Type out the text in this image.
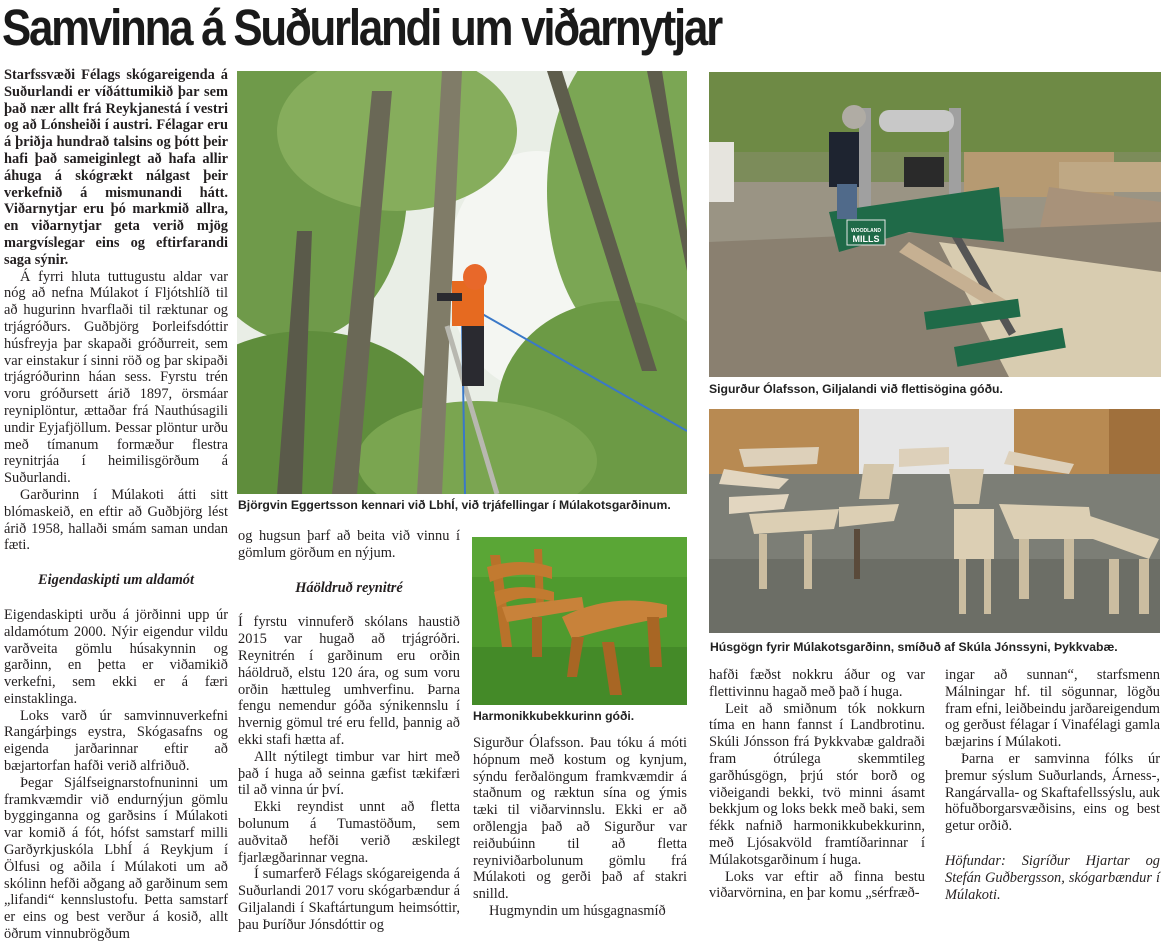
Samvinna á Suðurlandi um viðarnytjar

Starfssvæði Félags skógareigenda á Suðurlandi er víðáttumikið þar sem það nær allt frá Reykjanestá í vestri og að Lónsheiði í austri. Félagar eru á þriðja hundrað talsins og þótt þeir hafi það sameiginlegt að hafa allir áhuga á skógrækt nálgast þeir verkefnið á mismunandi hátt. Viðarnytjar eru þó markmið allra, en viðarnytjar geta verið mjög margvíslegar eins og eftirfarandi saga sýnir.

Á fyrri hluta tuttugustu aldar var nóg að nefna Múlakot í Fljótshlíð til að hugurinn hvarflaði til ræktunar og trjágróðurs. Guðbjörg Þorleifsdóttir húsfreyja þar skapaði gróðurreit, sem var einstakur í sinni röð og þar skipaði trjágróðurinn háan sess. Fyrstu trén voru gróðursett árið 1897, örsmáar reyniplöntur, ættaðar frá Nauthúsagili undir Eyjafjöllum. Þessar plöntur urðu með tímanum formæður flestra reynitrjáa í heimilisgörðum á Suðurlandi.

Garðurinn í Múlakoti átti sitt blómaskeið, en eftir að Guðbjörg lést árið 1958, hallaði smám saman undan fæti.

Eigendaskipti um aldamót

Eigendaskipti urðu á jörðinni upp úr aldamótum 2000. Nýir eigendur vildu varðveita gömlu húsakynnin og garðinn, en þetta er viðamikið verkefni, sem ekki er á færi einstaklinga.

Loks varð úr samvinnuverkefni Rangárþings eystra, Skógasafns og eigenda jarðarinnar eftir að bæjartorfan hafði verið alfriðuð.

Þegar Sjálfseignarstofnuninni um framkvæmdir við endurnýjun gömlu bygginganna og garðsins í Múlakoti var komið á fót, hófst samstarf milli Garðyrkjuskóla LbhÍ á Reykjum í Ölfusi og aðila í Múlakoti um að skólinn hefði aðgang að garðinum sem „lifandi“ kennslustofu. Þetta samstarf er eins og best verður á kosið, allt öðrum vinnubrögðum

Björgvin Eggertsson kennari við LbhÍ, við trjáfellingar í Múlakotsgarðinum.

og hugsun þarf að beita við vinnu í gömlum görðum en nýjum.

Háöldruð reynitré

Í fyrstu vinnuferð skólans haustið 2015 var hugað að trjágróðri. Reynitrén í garðinum eru orðin háöldruð, elstu 120 ára, og sum voru orðin hættuleg umhverfinu. Þarna fengu nemendur góða sýnikennslu í hvernig gömul tré eru felld, þannig að ekki stafi hætta af.

Allt nýtilegt timbur var hirt með það í huga að seinna gæfist tækifæri til að vinna úr því.

Ekki reyndist unnt að fletta bolunum á Tumastöðum, sem auðvitað hefði verið æskilegt fjarlægðarinnar vegna.

Í sumarferð Félags skógareigenda á Suðurlandi 2017 voru skógarbændur á Giljalandi í Skaftártungum heimsóttir, þau Þuríður Jónsdóttir og

Harmonikkubekkurinn góði.

Sigurður Ólafsson. Þau tóku á móti hópnum með kostum og kynjum, sýndu ferðalöngum framkvæmdir á staðnum og ræktun sína og ýmis tæki til viðarvinnslu. Ekki er að orðlengja það að Sigurður var reiðubúinn til að fletta reyniviðarbolunum gömlu frá Múlakoti og gerði það af stakri snilld.

Hugmyndin um húsgagnasmíð

WOODLAND
MILLS
Sigurður Ólafsson, Giljalandi við flettisögina góðu.
Húsgögn fyrir Múlakotsgarðinn, smíðuð af Skúla Jónssyni, Þykkvabæ.

hafði fæðst nokkru áður og var flettivinnu hagað með það í huga.

Leit að smiðnum tók nokkurn tíma en hann fannst í Landbrotinu. Skúli Jónsson frá Þykkvabæ galdraði fram ótrúlega skemmtileg garðhúsgögn, þrjú stór borð og viðeigandi bekki, tvö minni ásamt bekkjum og loks bekk með baki, sem fékk nafnið harmonikkubekkurinn, með Ljósakvöld framtíðarinnar í Múlakotsgarðinum í huga.

Loks var eftir að finna bestu viðarvörnina, en þar komu „sérfræð-

ingar að sunnan“, starfsmenn Málningar hf. til sögunnar, lögðu fram efni, leiðbeindu jarðareigendum og gerðust félagar í Vinafélagi gamla bæjarins í Múlakoti.

Þarna er samvinna fólks úr þremur sýslum Suðurlands, Árness-, Rangárvalla- og Skaftafellssýslu, auk höfuðborgarsvæðisins, eins og best getur orðið.

Höfundar: Sigríður Hjartar og Stefán Guðbergsson, skógarbændur í Múlakoti.
